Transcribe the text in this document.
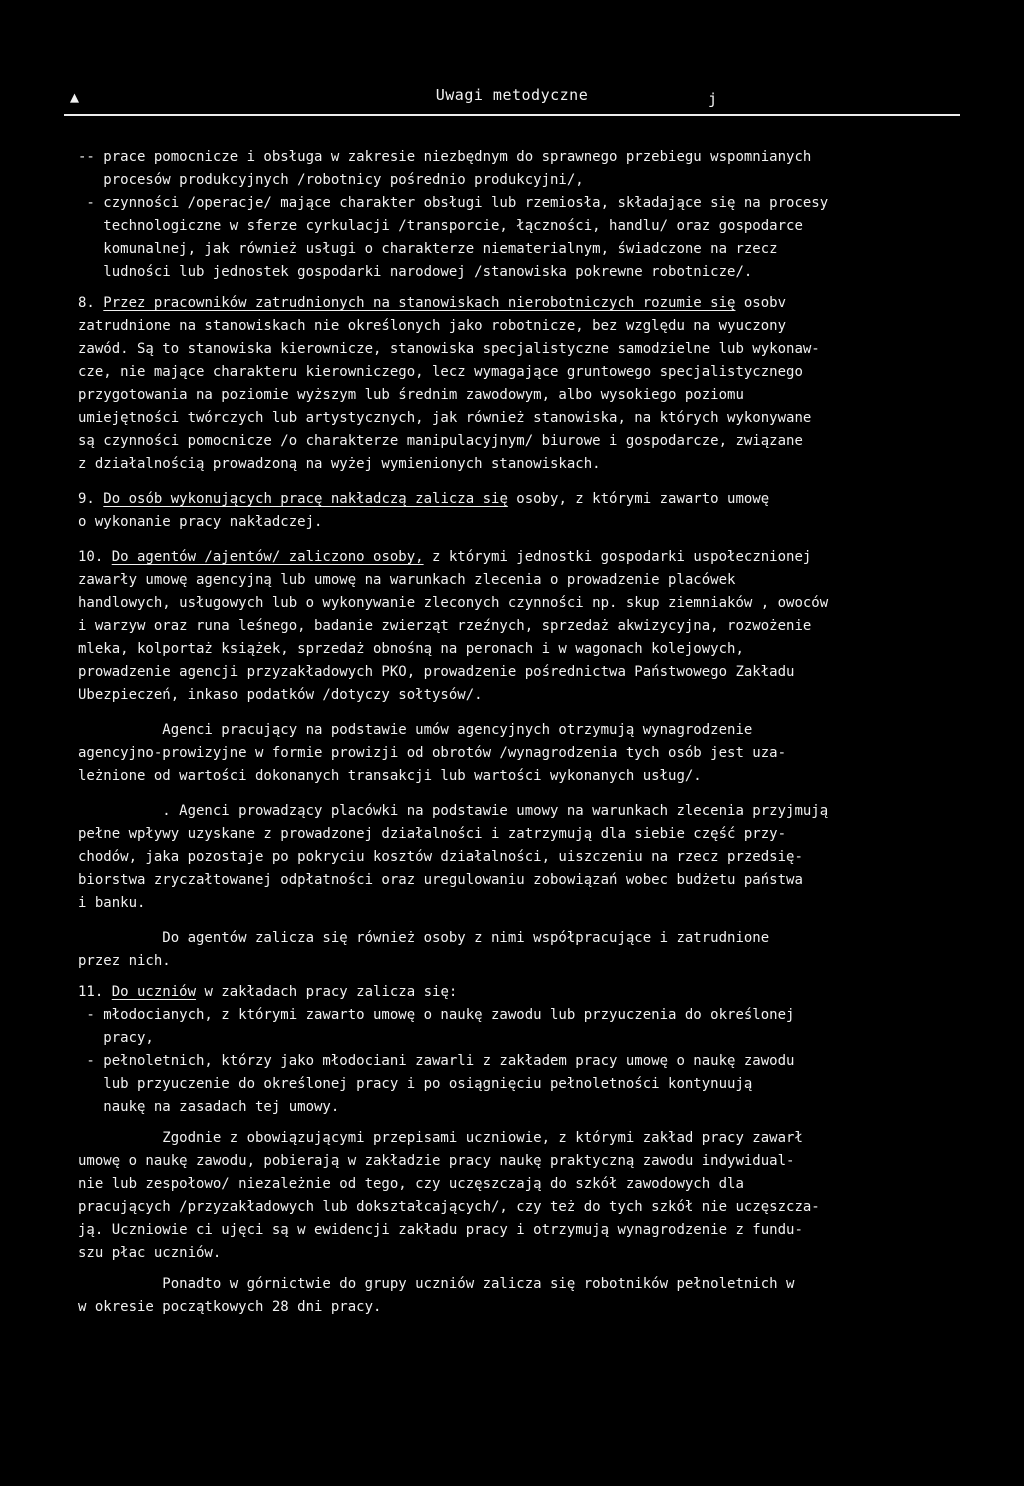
▲	Uwagi metodyczne	j

-- prace pomocnicze i obsługa w zakresie niezbędnym do sprawnego przebiegu wspomnianych

procesów produkcyjnych /robotnicy pośrednio produkcyjni/,

- czynności /operacje/ mające charakter obsługi lub rzemiosła, składające się na procesy

technologiczne w sferze cyrkulacji /transporcie, łączności, handlu/ oraz gospodarce

komunalnej, jak również usługi o charakterze niematerialnym, świadczone na rzecz

ludności lub jednostek gospodarki narodowej /stanowiska pokrewne robotnicze/.

8. Przez pracowników zatrudnionych na stanowiskach nierobotniczych rozumie się osobv

zatrudnione na stanowiskach nie określonych jako robotnicze, bez względu na wyuczony

zawód. Są to stanowiska kierownicze, stanowiska specjalistyczne samodzielne lub wykonaw-

cze, nie mające charakteru kierowniczego, lecz wymagające gruntowego specjalistycznego

przygotowania na poziomie wyższym lub średnim zawodowym, albo wysokiego poziomu

umiejętności twórczych lub artystycznych, jak również stanowiska, na których wykonywane

są czynności pomocnicze /o charakterze manipulacyjnym/ biurowe i gospodarcze, związane

z działalnością prowadzoną na wyżej wymienionych stanowiskach.

9. Do osób wykonujących pracę nakładczą zalicza się osoby, z którymi zawarto umowę

o wykonanie pracy nakładczej.

10. Do agentów /ajentów/ zaliczono osoby, z którymi jednostki gospodarki uspołecznionej

zawarły umowę agencyjną lub umowę na warunkach zlecenia o prowadzenie placówek

handlowych, usługowych lub o wykonywanie zleconych czynności np. skup ziemniaków , owoców

i warzyw oraz runa leśnego, badanie zwierząt rzeźnych, sprzedaż akwizycyjna, rozwożenie

mleka, kolportaż książek, sprzedaż obnośną na peronach i w wagonach kolejowych,

prowadzenie agencji przyzakładowych PKO, prowadzenie pośrednictwa Państwowego Zakładu

Ubezpieczeń, inkaso podatków /dotyczy sołtysów/.

Agenci pracujący na podstawie umów agencyjnych otrzymują wynagrodzenie

agencyjno-prowizyjne w formie prowizji od obrotów /wynagrodzenia tych osób jest uza-

leżnione od wartości dokonanych transakcji lub wartości wykonanych usług/.

. Agenci prowadzący placówki na podstawie umowy na warunkach zlecenia przyjmują

pełne wpływy uzyskane z prowadzonej działalności i zatrzymują dla siebie część przy-

chodów, jaka pozostaje po pokryciu kosztów działalności, uiszczeniu na rzecz przedsię-

biorstwa zryczałtowanej odpłatności oraz uregulowaniu zobowiązań wobec budżetu państwa

i banku.

Do agentów zalicza się również osoby z nimi współpracujące i zatrudnione

przez nich.

11. Do uczniów w zakładach pracy zalicza się:

- młodocianych, z którymi zawarto umowę o naukę zawodu lub przyuczenia do określonej

pracy,

- pełnoletnich, którzy jako młodociani zawarli z zakładem pracy umowę o naukę zawodu

lub przyuczenie do określonej pracy i po osiągnięciu pełnoletności kontynuują

naukę na zasadach tej umowy.

Zgodnie z obowiązującymi przepisami uczniowie, z którymi zakład pracy zawarł

umowę o naukę zawodu, pobierają w zakładzie pracy naukę praktyczną zawodu indywidual-

nie lub zespołowo/ niezależnie od tego, czy uczęszczają do szkół zawodowych dla

pracujących /przyzakładowych lub dokształcających/, czy też do tych szkół nie uczęszcza-

ją. Uczniowie ci ujęci są w ewidencji zakładu pracy i otrzymują wynagrodzenie z fundu-

szu płac uczniów.

Ponadto w górnictwie do grupy uczniów zalicza się robotników pełnoletnich w

w okresie początkowych 28 dni pracy.
